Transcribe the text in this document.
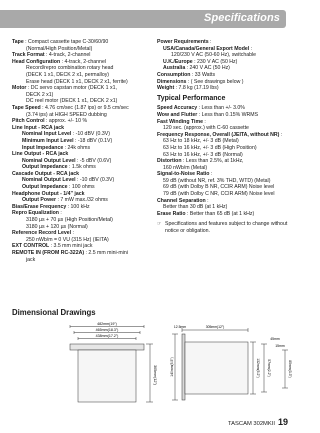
Specifications
Tape : Compact cassette tape C-30/60/90
(Normal/High Position/Metal)
Track Format : 4-track, 2-channel
Head Configuration : 4-track, 2-channel
Record/repro combination rotary head
(DECK 1 x1, DECK 2 x1, permalloy)
Erase head (DECK 1 x1, DECK 2 x1, ferrite)
Motor : DC servo capstan motor (DECK 1 x1,
DECK 2 x1)
DC reel motor (DECK 1 x1, DECK 2 x1)
Tape Speed : 4.76 cm/sec (1.87 ips) or 9.5 cm/sec
(3.74 ips) at HIGH SPEED dubbing
Pitch Control : approx. +/- 10 %
Line Input - RCA jack
Nominal Input Level : -10 dBV (0.3V)
Minimum Input Level : -18 dBV (0.1V)
Input Impedance : 24k ohms
Line Output - RCA jack
Nominal Output Level : -5 dBV (0.6V)
Output Impedance : 1.5k ohms
Cascade Output - RCA jack
Nominal Output Level : -10 dBV (0.3V)
Output Impedance : 100 ohms
Headphone Output - 1/4" jack
Output Power : 7 mW max./32 ohms
Bias/Erase Frequency : 100 kHz
Repro Equalization :
3180 µs + 70 µs (High Position/Metal)
3180 µs + 120 µs (Normal)
Reference Record Level :
250 nWb/m = 0 VU (315 Hz) (IEITA)
EXT CONTROL : 3.5 mm mini jack
REMOTE IN (FROM RC-322A) : 2.5 mm mini-mini
jack
Power Requirements :
USA/Canada/General Export Model :
120/230 V AC (50-60 Hz), switchable
U.K./Europe : 230 V AC (50 Hz)
Australia : 240 V AC (50 Hz)
Consumption : 33 Watts
Dimensions : ( See drawings below )
Weight : 7.8 kg (17.19 lbs)
Typical Performance
Speed Accuracy : Less than +/- 3.0%
Wow and Flutter : Less than 0.15% WRMS
Fast Winding Time :
120 sec. (approx.) with C-60 cassette
Frequency Response, Overall (JEITA, without NR) :
63 Hz to 18 kHz, +/- 3 dB (Metal)
63 Hz to 16 kHz, +/- 3 dB (High Position)
63 Hz to 16 kHz, +/- 3 dB (Normal)
Distortion : Less than 2.5%, at 1kHz,
160 nWb/m (Metal)
Signal-to-Noise Ratio :
59 dB (without NR, ref. 3% THD, WTD) (Metal)
69 dB (with Dolby B NR, CCIR ARM) Noise level
79 dB (with Dolby C NR, CCIR ARM) Noise level
Channel Separation :
Better than 30 dB (at 1 kHz)
Erase Ratio : Better than 65 dB (at 1 kHz)
☞ Specifications and features subject to change without notice or obligation.
Dimensional Drawings
482mm(19")
465mm(18.3")
438mm(17.2")
305mm(12")
12.5mm	305mm(12")
140mm(5.5")	132mm(5.2") 57mm(2.2")
45mm
15mm
85mm(3.3")
TASCAM 302MKII 19
